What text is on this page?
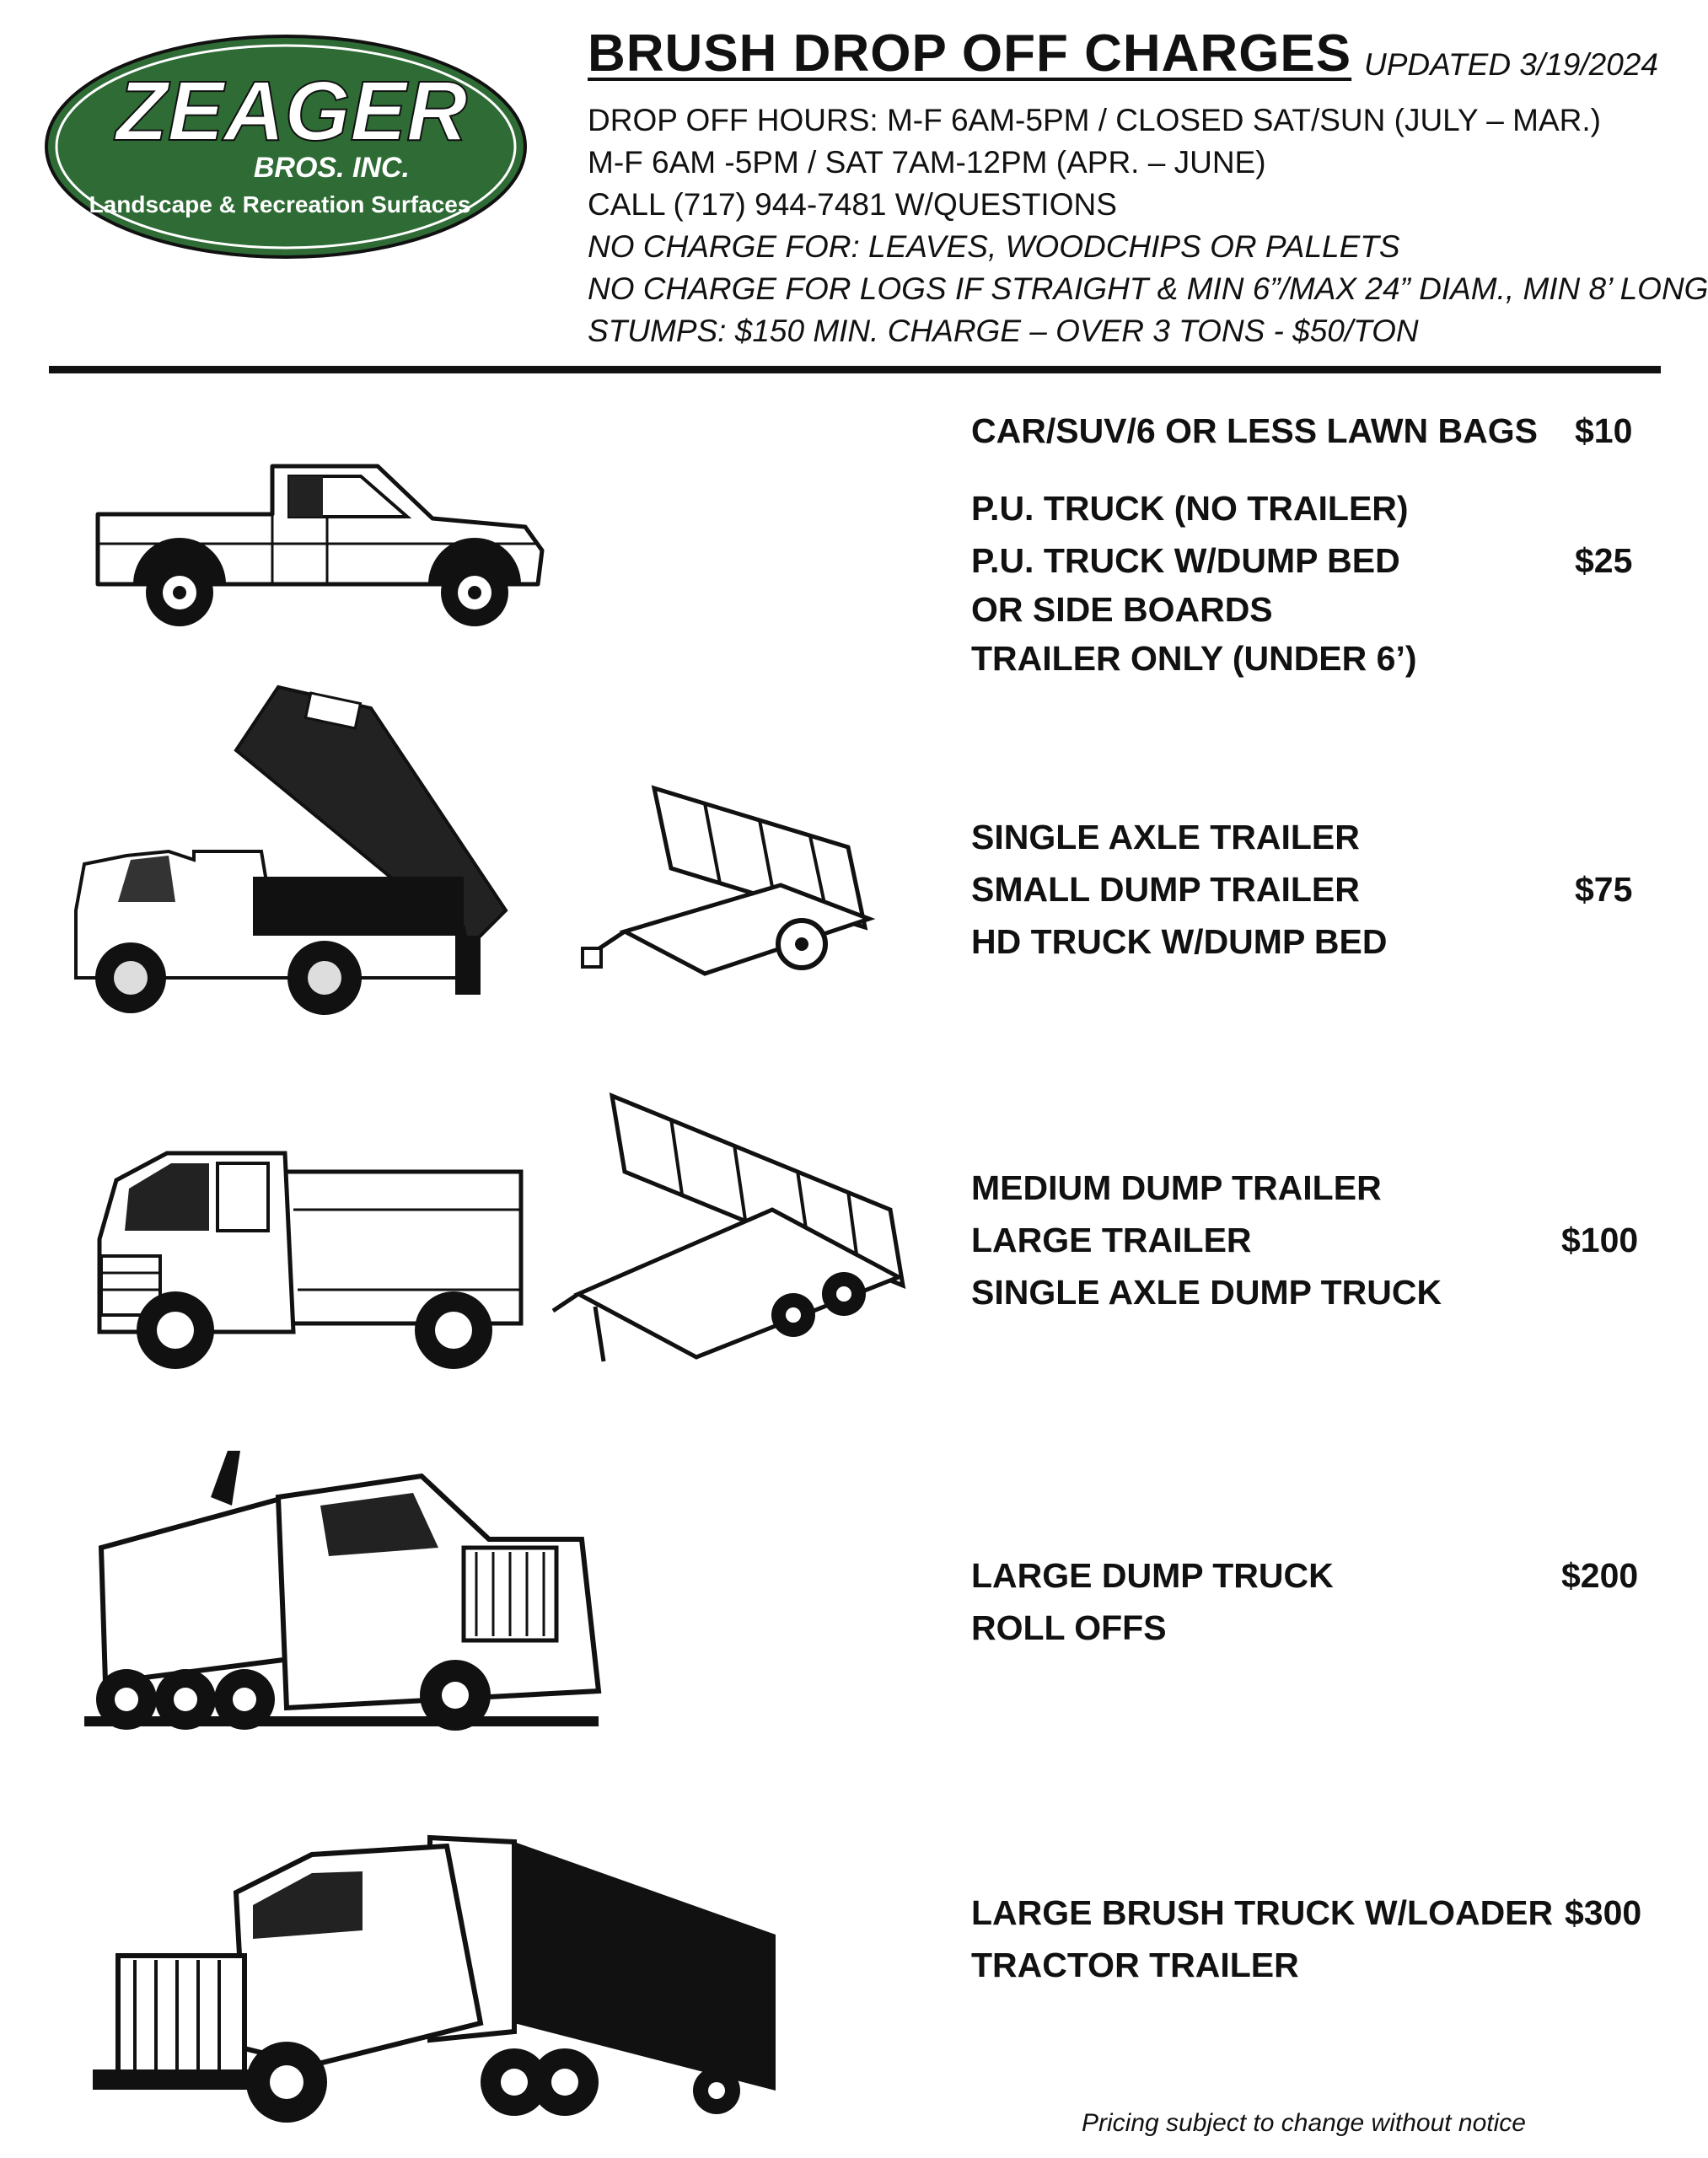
ZEAGER
BROS. INC.
Landscape & Recreation Surfaces
BRUSH DROP OFF CHARGES UPDATED 3/19/2024
DROP OFF HOURS: M-F 6AM-5PM / CLOSED SAT/SUN (JULY – MAR.)
M-F 6AM -5PM / SAT 7AM-12PM (APR. – JUNE)
CALL (717) 944-7481 W/QUESTIONS
NO CHARGE FOR: LEAVES, WOODCHIPS OR PALLETS
NO CHARGE FOR LOGS IF STRAIGHT & MIN 6”/MAX 24” DIAM., MIN 8’ LONG
STUMPS: $150 MIN. CHARGE – OVER 3 TONS - $50/TON
CAR/SUV/6 OR LESS LAWN BAGS $10
P.U. TRUCK (NO TRAILER)
P.U. TRUCK W/DUMP BED
OR SIDE BOARDS
TRAILER ONLY (UNDER 6’)
$25
SINGLE AXLE TRAILER
SMALL DUMP TRAILER
HD TRUCK W/DUMP BED
$75
MEDIUM DUMP TRAILER
LARGE TRAILER
SINGLE AXLE DUMP TRUCK
$100
LARGE DUMP TRUCK
ROLL OFFS
$200
LARGE BRUSH TRUCK W/LOADER
TRACTOR TRAILER
$300
Pricing subject to change without notice
